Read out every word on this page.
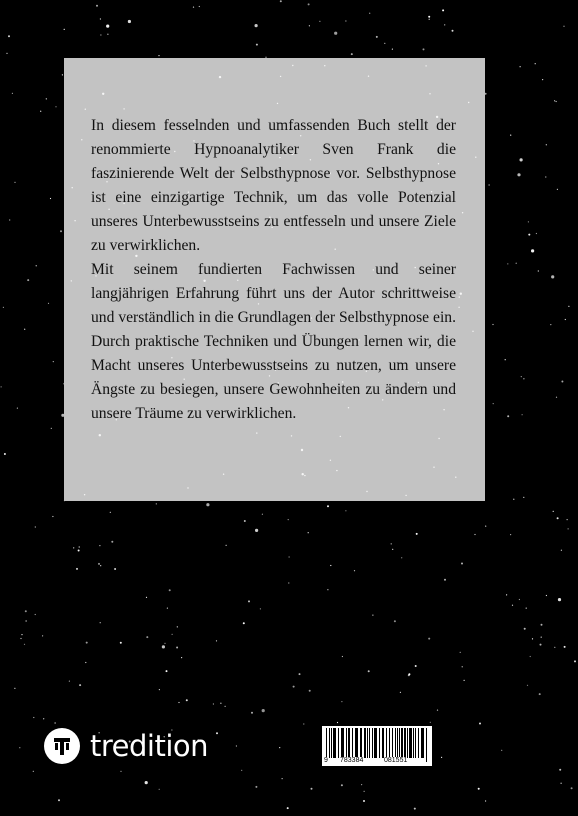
In diesem fesselnden und umfassenden Buch stellt der renommierte Hypnoanalytiker Sven Frank die faszinierende Welt der Selbsthypnose vor. Selbsthypnose ist eine einzigartige Technik, um das volle Potenzial unseres Unterbewusstseins zu entfesseln und unsere Ziele zu verwirklichen.

Mit seinem fundierten Fachwissen und seiner langjährigen Erfahrung führt uns der Autor schrittweise und verständlich in die Grundlagen der Selbsthypnose ein. Durch praktische Techniken und Übungen lernen wir, die Macht unseres Unterbewusstseins zu nutzen, um unsere Ängste zu besiegen, unsere Gewohnheiten zu ändern und unsere Träume zu verwirklichen.

tredition	9 783384	081551
